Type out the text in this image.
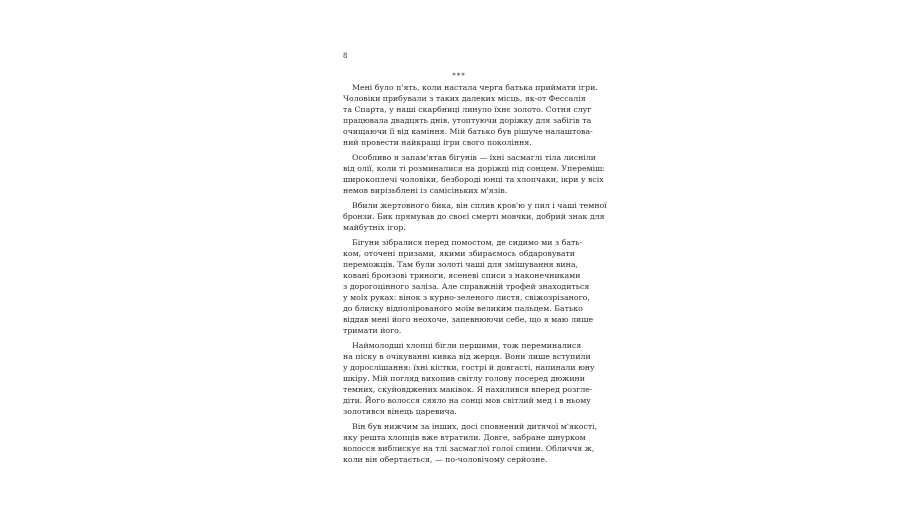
8
***

Мені було п'ять, коли настала черга батька приймати ігри.
Чоловіки прибували з таких далеких місць, як-от Фессалія
та Спарта, у наші скарбниці линуло їхнє золото. Сотня слуг
працювала двадцять днів, утоптуючи доріжку для забігів та
очищаючи її від каміння. Мій батько був рішуче налаштова-
ний провести найкращі ігри свого покоління.

Особливо я запам'ятав бігунів — їхні засмаглі тіла лисніли
від олії, коли ті розминалися на доріжці під сонцем. Упереміш:
широкоплечі чоловіки, безбороді юнці та хлопчаки, ікри у всіх
немов вирізьблені із самісіньких м'язів.

Вбили жертовного бика, він сплив кров'ю у пил і чаші темної
бронзи. Бик прямував до своєї смерті мовчки, добрий знак для
майбутніх ігор.

Бігуни зібралися перед помостом, де сидимо ми з бать-
ком, оточені призами, якими збираємось обдаровувати
переможців. Там були золоті чаші для змішування вина,
ковані бронзові триноги, ясеневі списи з наконечниками
з дорогоцінного заліза. Але справжній трофей знаходиться
у моїх руках: вінок з курно-зеленого листя, свіжозрізаного,
до блиску відполірованого моїм великим пальцем. Батько
віддав мені його неохоче, запевнюючи себе, що я маю лише
тримати його.

Наймолодші хлопці бігли першими, тож переминалися
на піску в очікуванні кивка від жерця. Вони лише вступили
у дорослішання: їхні кістки, гострі й довгасті, напинали юну
шкіру. Мій погляд вихопив світлу голову посеред дюжини
темних, скуйовджених маківок. Я нахилився вперед розгле-
діти. Його волосся сяяло на сонці мов світлий мед і в ньому
золотився вінець царевича.

Він був нижчим за інших, досі сповнений дитячої м'якості,
яку решта хлопців вже втратили. Довге, забране шнурком
волосся виблискує на тлі засмаглої голої спини. Обличчя ж,
коли він обертається, — по-чоловічому серйозне.
